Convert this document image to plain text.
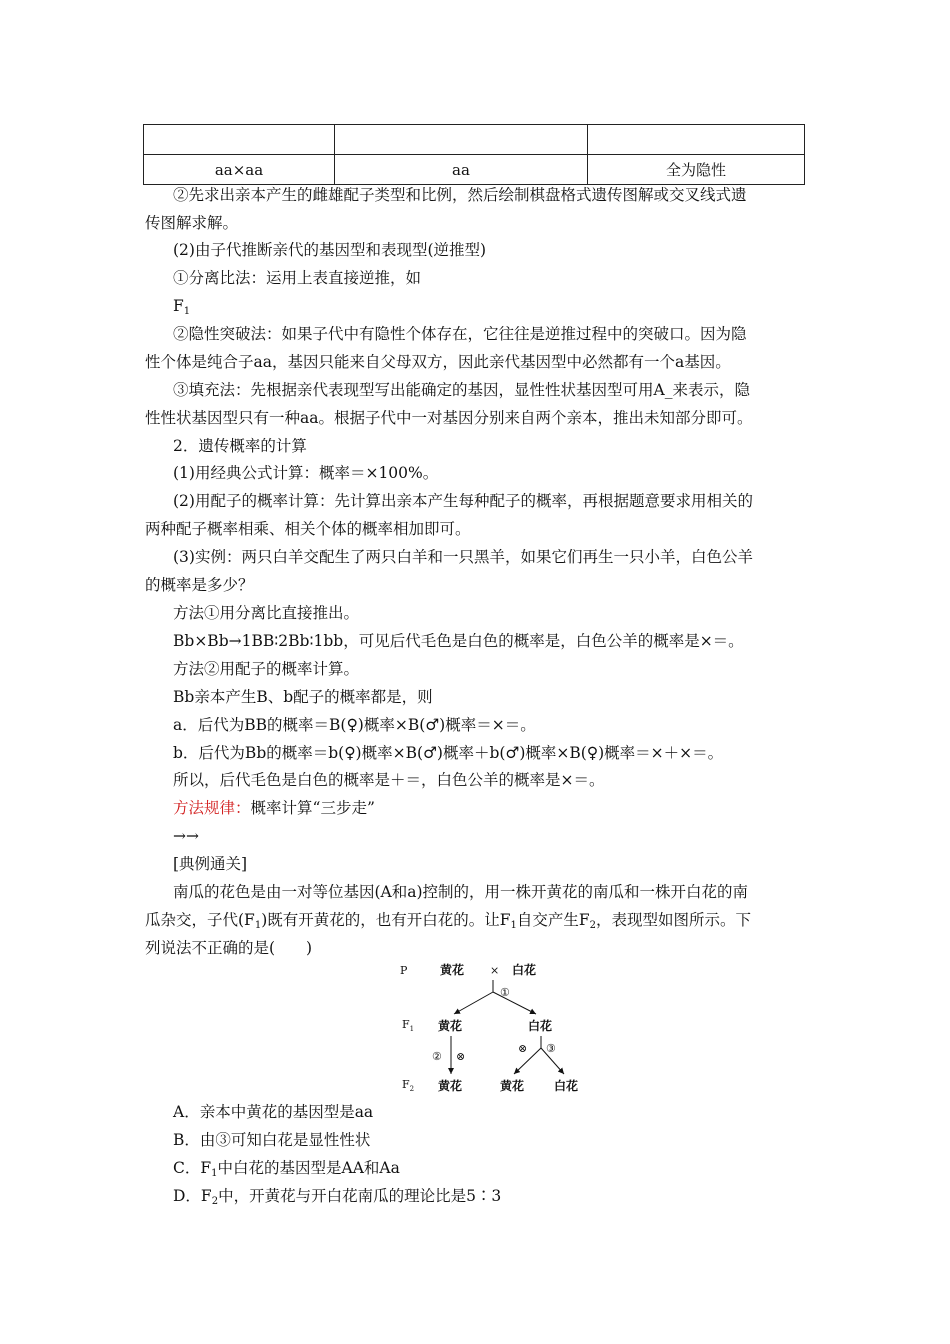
aa×aa	aa	全为隐性
②先求出亲本产生的雌雄配子类型和比例，然后绘制棋盘格式遗传图解或交叉线式遗
传图解求解。
(2)由子代推断亲代的基因型和表现型(逆推型)
①分离比法：运用上表直接逆推，如
$F_1$
②隐性突破法：如果子代中有隐性个体存在，它往往是逆推过程中的突破口。因为隐
性个体是纯合子aa，基因只能来自父母双方，因此亲代基因型中必然都有一个a基因。
③填充法：先根据亲代表现型写出能确定的基因，显性性状基因型可用A_来表示，隐
性性状基因型只有一种aa。根据子代中一对基因分别来自两个亲本，推出未知部分即可。
2．遗传概率的计算
(1)用经典公式计算：概率＝×100%。
(2)用配子的概率计算：先计算出亲本产生每种配子的概率，再根据题意要求用相关的
两种配子概率相乘、相关个体的概率相加即可。
(3)实例：两只白羊交配生了两只白羊和一只黑羊，如果它们再生一只小羊，白色公羊
的概率是多少？
方法①用分离比直接推出。
Bb×Bb→1BB∶2Bb∶1bb，可见后代毛色是白色的概率是，白色公羊的概率是×＝。
方法②用配子的概率计算。
Bb亲本产生B、b配子的概率都是，则
a．后代为BB的概率＝B(♀)概率×B(♂)概率＝×＝。
b．后代为Bb的概率＝b(♀)概率×B(♂)概率＋b(♂)概率×B(♀)概率＝×＋×＝。
所以，后代毛色是白色的概率是＋＝，白色公羊的概率是×＝。
方法规律：概率计算“三步走”
→→
[典例通关]
南瓜的花色是由一对等位基因(A和a)控制的，用一株开黄花的南瓜和一株开白花的南
瓜杂交，子代$(F_1)$既有开黄花的，也有开白花的。让$F_1$自交产生$F_2$，表现型如图所示。下
列说法不正确的是(　　)
P	黄花 × 白花
①
$F_1$ 黄花	白花
② ⊗
⊗ ③
$F_2$ 黄花	黄花 白花
A．亲本中黄花的基因型是aa
B．由③可知白花是显性性状
C．$F_1$中白花的基因型是AA和Aa
D．$F_2$中，开黄花与开白花南瓜的理论比是5∶3
